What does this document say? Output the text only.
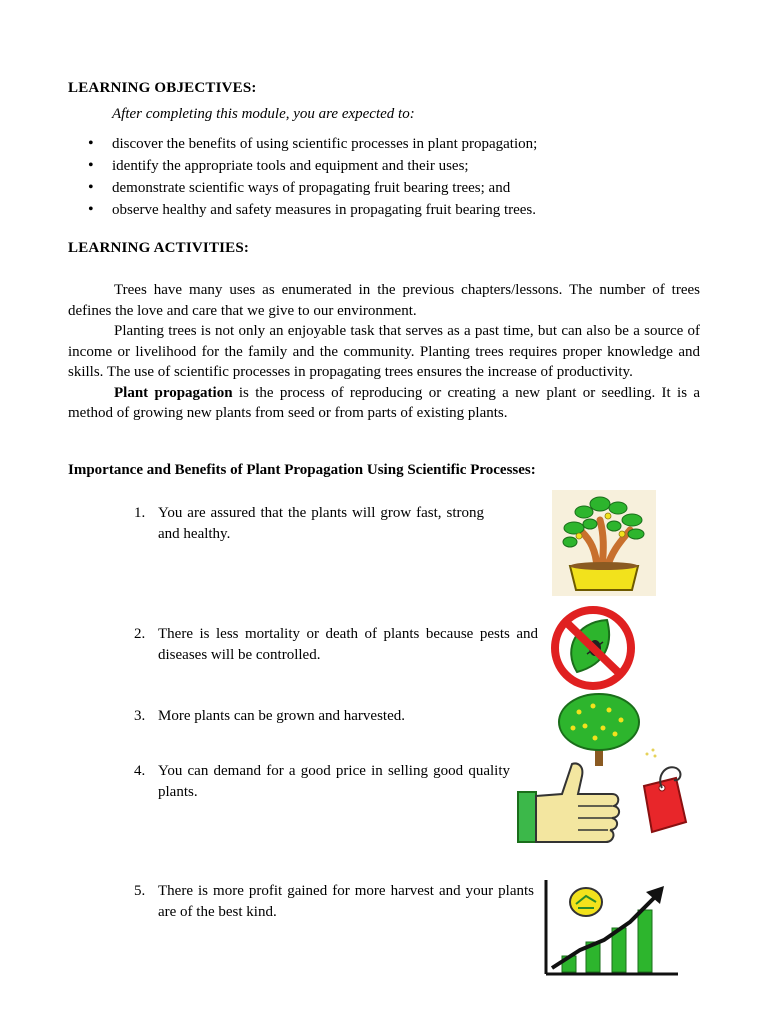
LEARNING OBJECTIVES:
After completing this module, you are expected to:
• discover the benefits of using scientific processes in plant propagation;
• identify the appropriate tools and equipment and their uses;
• demonstrate scientific ways of propagating fruit bearing trees; and
• observe healthy and safety measures in propagating fruit bearing trees.
LEARNING ACTIVITIES:

Trees have many uses as enumerated in the previous chapters/lessons. The number of trees defines the love and care that we give to our environment.

Planting trees is not only an enjoyable task that serves as a past time, but can also be a source of income or livelihood for the family and the community. Planting trees requires proper knowledge and skills. The use of scientific processes in propagating trees ensures the increase of productivity.

Plant propagation is the process of reproducing or creating a new plant or seedling. It is a method of growing new plants from seed or from parts of existing plants.

Importance and Benefits of Plant Propagation Using Scientific Processes:
1. You are assured that the plants will grow fast, strong and healthy.
2. There is less mortality or death of plants because pests and diseases will be controlled.
3. More plants can be grown and harvested.
4. You can demand for a good price in selling good quality plants.
5. There is more profit gained for more harvest and your plants are of the best kind.
